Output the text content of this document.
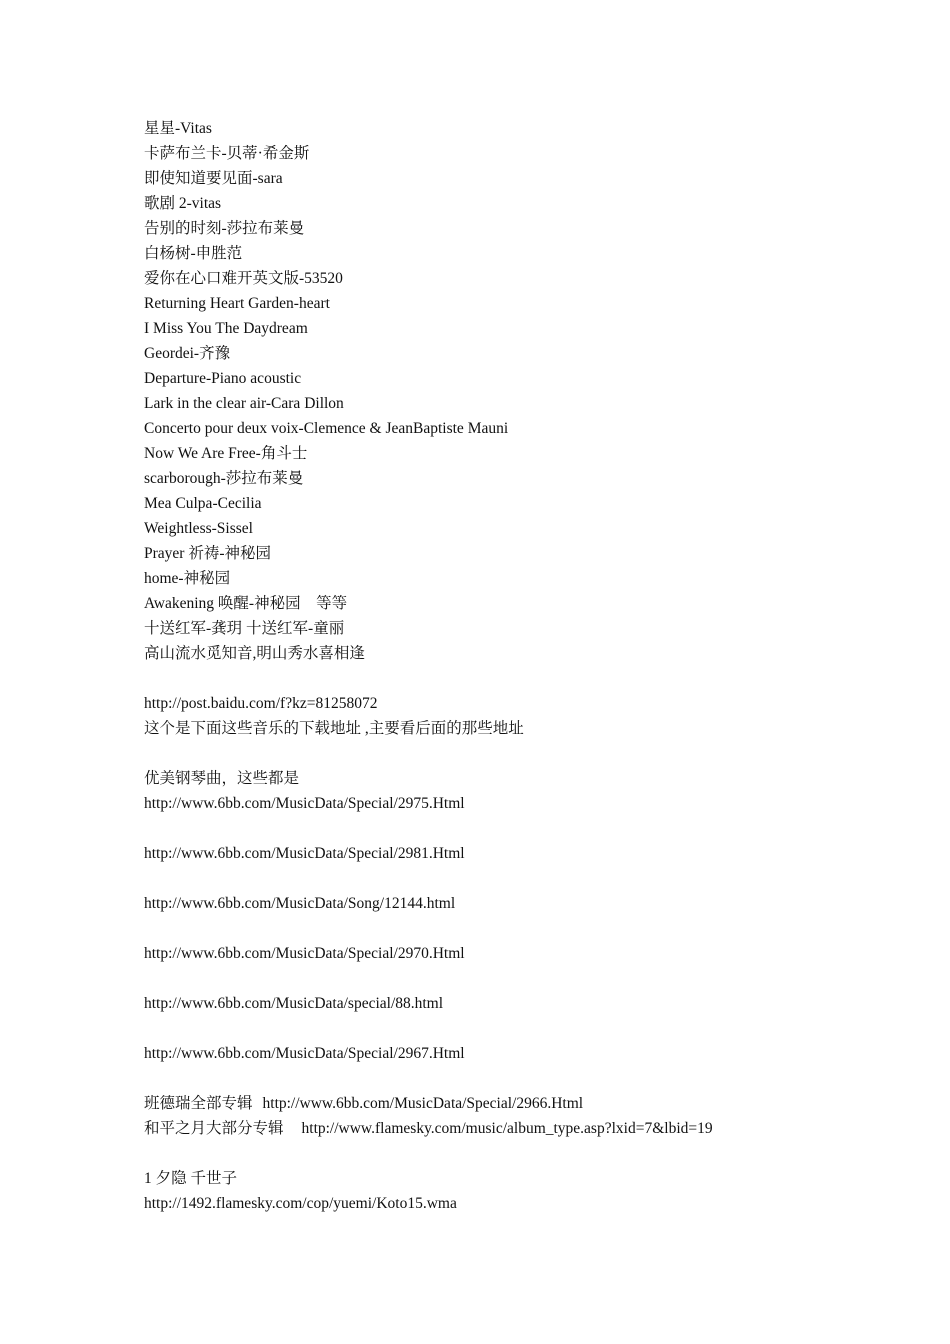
星星-Vitas
卡萨布兰卡-贝蒂·希金斯
即使知道要见面-sara
歌剧 2-vitas
告别的时刻-莎拉布莱曼
白杨树-申胜范
爱你在心口难开英文版-53520
Returning Heart Garden-heart
I Miss You The Daydream
Geordei-齐豫
Departure-Piano acoustic
Lark in the clear air-Cara Dillon
Concerto pour deux voix-Clemence & JeanBaptiste Mauni
Now We Are Free-角斗士
scarborough-莎拉布莱曼
Mea Culpa-Cecilia
Weightless-Sissel
Prayer 祈祷-神秘园
home-神秘园
Awakening 唤醒-神秘园　等等
十送红军-龚玥 十送红军-童丽
高山流水觅知音,明山秀水喜相逢
http://post.baidu.com/f?kz=81258072
这个是下面这些音乐的下载地址 ,主要看后面的那些地址
优美钢琴曲，这些都是
http://www.6bb.com/MusicData/Special/2975.Html
http://www.6bb.com/MusicData/Special/2981.Html
http://www.6bb.com/MusicData/Song/12144.html
http://www.6bb.com/MusicData/Special/2970.Html
http://www.6bb.com/MusicData/special/88.html
http://www.6bb.com/MusicData/Special/2967.Html
班德瑞全部专辑 http://www.6bb.com/MusicData/Special/2966.Html
和平之月大部分专辑 http://www.flamesky.com/music/album_type.asp?lxid=7&lbid=19
1 夕隐 千世子
http://1492.flamesky.com/cop/yuemi/Koto15.wma
